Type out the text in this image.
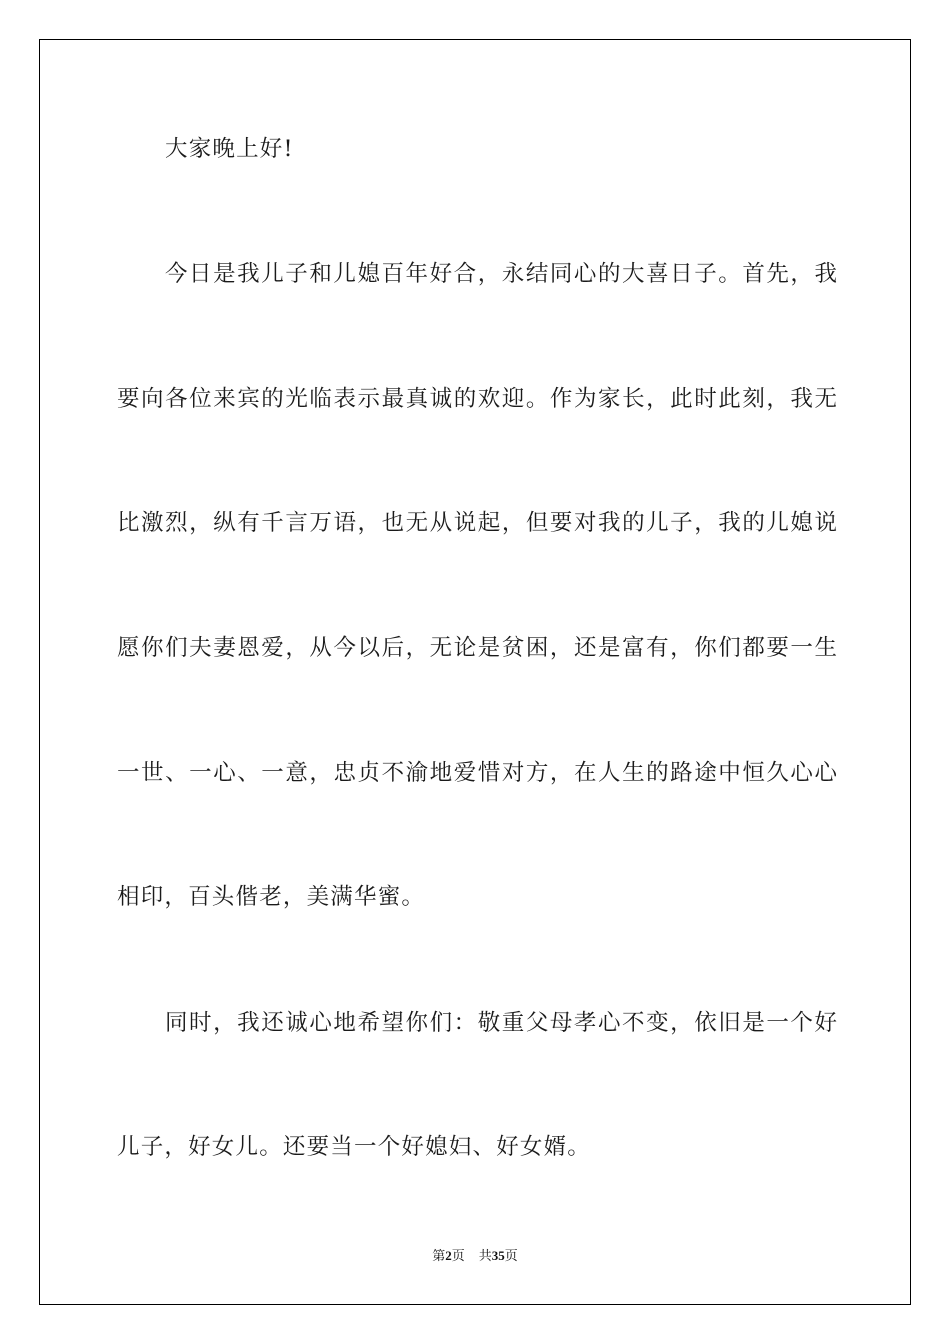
大家晚上好!
今日是我儿子和儿媳百年好合，永结同心的大喜日子。首先，我
要向各位来宾的光临表示最真诚的欢迎。作为家长，此时此刻，我无
比激烈，纵有千言万语，也无从说起，但要对我的儿子，我的儿媳说
愿你们夫妻恩爱，从今以后，无论是贫困，还是富有，你们都要一生
一世、一心、一意，忠贞不渝地爱惜对方，在人生的路途中恒久心心
相印，百头偕老，美满华蜜。
同时，我还诚心地希望你们：敬重父母孝心不变，依旧是一个好
儿子，好女儿。还要当一个好媳妇、好女婿。
第2页 共35页
